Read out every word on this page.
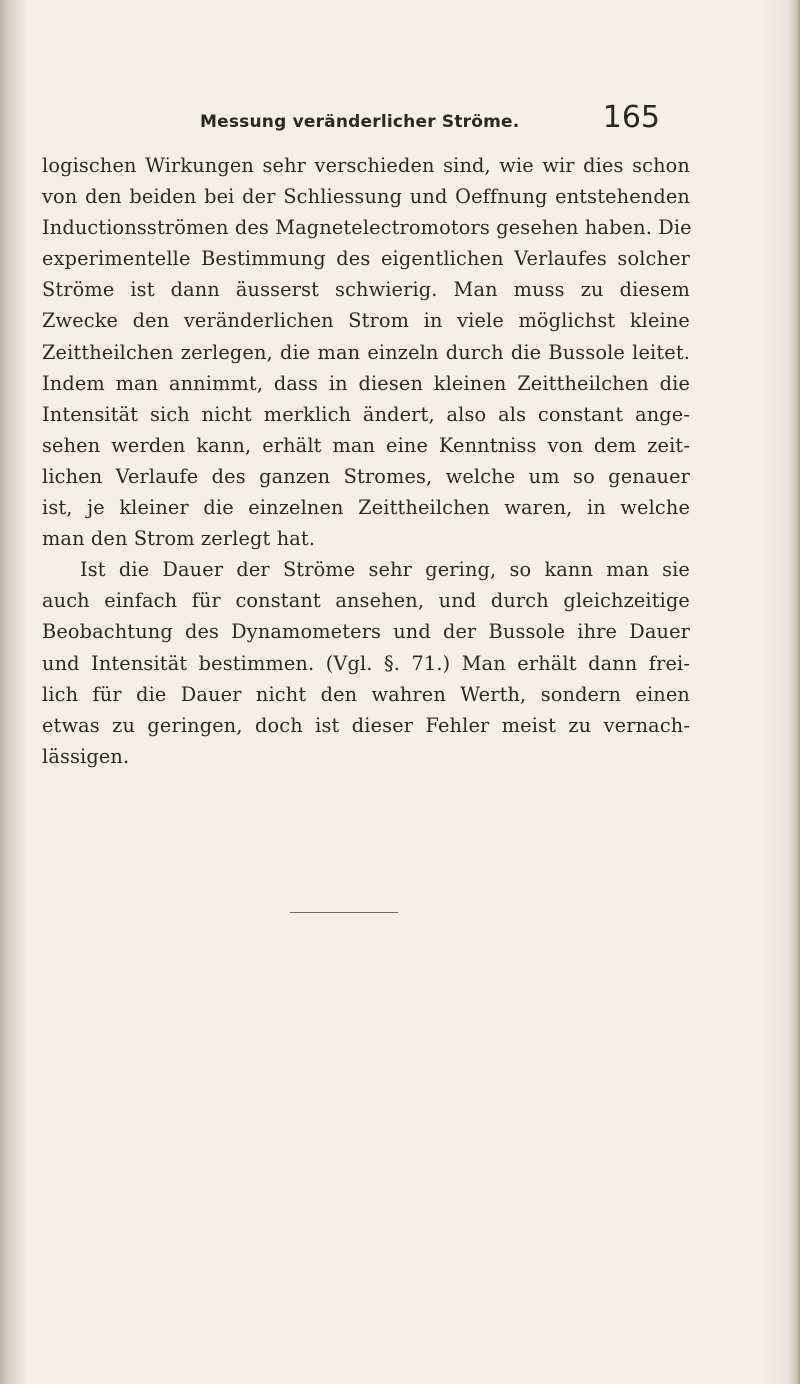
Messung veränderlicher Ströme.	165
logischen Wirkungen sehr verschieden sind, wie wir dies schon
von den beiden bei der Schliessung und Oeffnung entstehenden
Inductionsströmen des Magnetelectromotors gesehen haben. Die
experimentelle Bestimmung des eigentlichen Verlaufes solcher
Ströme ist dann äusserst schwierig. Man muss zu diesem
Zwecke den veränderlichen Strom in viele möglichst kleine
Zeittheilchen zerlegen, die man einzeln durch die Bussole leitet.
Indem man annimmt, dass in diesen kleinen Zeittheilchen die
Intensität sich nicht merklich ändert, also als constant ange-
sehen werden kann, erhält man eine Kenntniss von dem zeit-
lichen Verlaufe des ganzen Stromes, welche um so genauer
ist, je kleiner die einzelnen Zeittheilchen waren, in welche
man den Strom zerlegt hat.
Ist die Dauer der Ströme sehr gering, so kann man sie
auch einfach für constant ansehen, und durch gleichzeitige
Beobachtung des Dynamometers und der Bussole ihre Dauer
und Intensität bestimmen. (Vgl. §. 71.) Man erhält dann frei-
lich für die Dauer nicht den wahren Werth, sondern einen
etwas zu geringen, doch ist dieser Fehler meist zu vernach-
lässigen.
